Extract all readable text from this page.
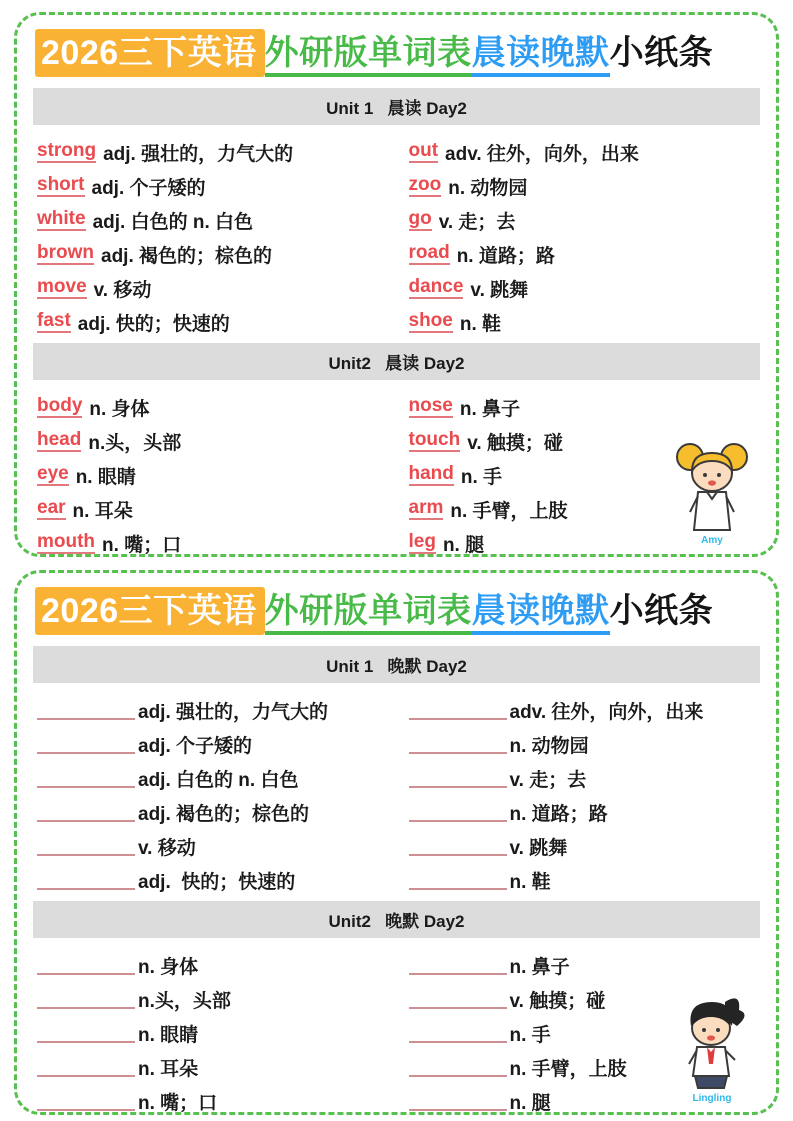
2026三下英语 外研版单词表晨读晚默小纸条
Unit 1   晨读 Day2
strong adj. 强壮的，力气大的
short adj. 个子矮的
white adj. 白色的 n. 白色
brown adj. 褐色的；棕色的
move v. 移动
fast adj. 快的；快速的
out adv. 往外，向外，出来
zoo n. 动物园
go v. 走；去
road n. 道路；路
dance v. 跳舞
shoe n. 鞋
Unit2   晨读 Day2
body n. 身体
head n.头，头部
eye n. 眼睛
ear n. 耳朵
mouth n. 嘴；口
nose n. 鼻子
touch v. 触摸；碰
hand n. 手
arm n. 手臂，上肢
leg n. 腿	Amy
2026三下英语 外研版单词表晨读晚默小纸条
Unit 1   晚默 Day2
adj. 强壮的，力气大的
adj. 个子矮的
adj. 白色的 n. 白色
adj. 褐色的；棕色的
v. 移动
adj.  快的；快速的
adv. 往外，向外，出来
n. 动物园
v. 走；去
n. 道路；路
v. 跳舞
n. 鞋
Unit2   晚默 Day2
n. 身体
n.头，头部
n. 眼睛
n. 耳朵
n. 嘴；口
n. 鼻子
v. 触摸；碰
n. 手
n. 手臂，上肢
n. 腿	Lingling
